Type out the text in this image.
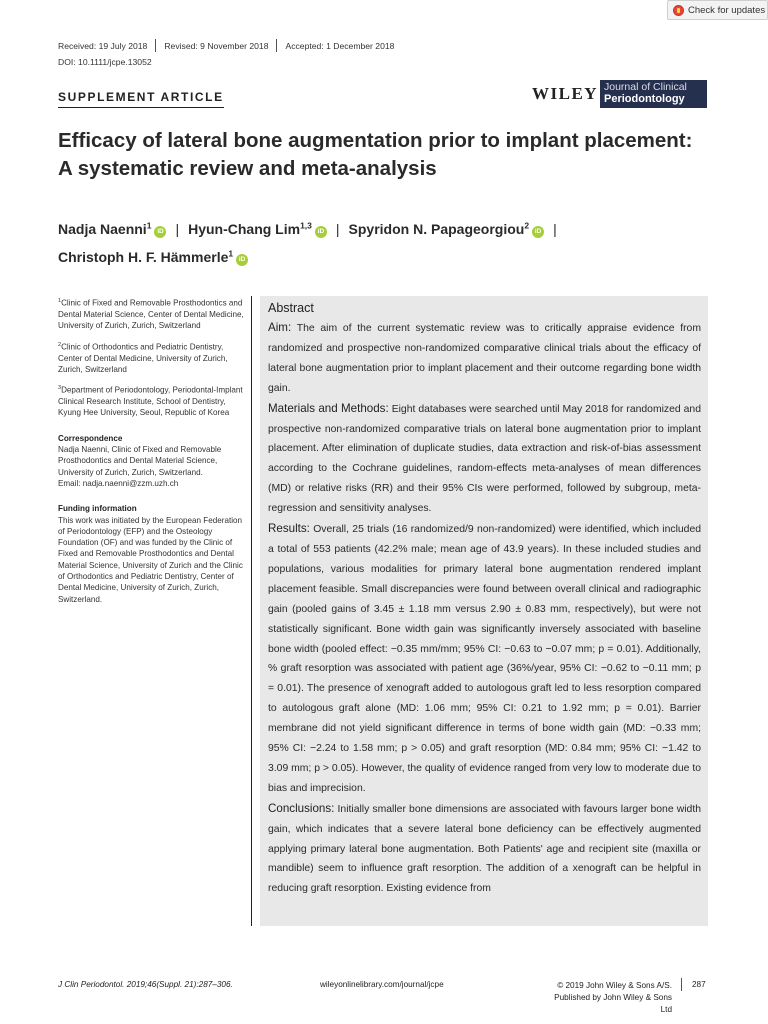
Check for updates
Received: 19 July 2018 Revised: 9 November 2018 Accepted: 1 December 2018
DOI: 10.1111/jcpe.13052
SUPPLEMENT ARTICLE	WILEY Journal of Clinical
Periodontology
Efficacy of lateral bone augmentation prior to implant placement: A systematic review and meta-analysis
Nadja Naenni$^1$iD | Hyun-Chang Lim$^{1,3}$iD | Spyridon N. Papageorgiou$^2$iD |
Christoph H. F. Hämmerle$^1$iD

$^1$Clinic of Fixed and Removable Prosthodontics and Dental Material Science, Center of Dental Medicine, University of Zurich, Zurich, Switzerland

$^2$Clinic of Orthodontics and Pediatric Dentistry, Center of Dental Medicine, University of Zurich, Zurich, Switzerland

$^3$Department of Periodontology, Periodontal-Implant Clinical Research Institute, School of Dentistry, Kyung Hee University, Seoul, Republic of Korea

Correspondence
Nadja Naenni, Clinic of Fixed and Removable Prosthodontics and Dental Material Science, University of Zurich, Zurich, Switzerland.
Email: nadja.naenni@zzm.uzh.ch

Funding information
This work was initiated by the European Federation of Periodontology (EFP) and the Osteology Foundation (OF) and was funded by the Clinic of Fixed and Removable Prosthodontics and Dental Material Science, University of Zurich and the Clinic of Orthodontics and Pediatric Dentistry, Center of Dental Medicine, University of Zurich, Zurich, Switzerland.

Abstract

Aim: The aim of the current systematic review was to critically appraise evidence from randomized and prospective non-randomized comparative clinical trials about the efficacy of lateral bone augmentation prior to implant placement and their outcome regarding bone width gain.

Materials and Methods: Eight databases were searched until May 2018 for randomized and prospective non-randomized comparative trials on lateral bone augmentation prior to implant placement. After elimination of duplicate studies, data extraction and risk-of-bias assessment according to the Cochrane guidelines, random-effects meta-analyses of mean differences (MD) or relative risks (RR) and their 95% CIs were performed, followed by subgroup, meta-regression and sensitivity analyses.

Results: Overall, 25 trials (16 randomized/9 non-randomized) were identified, which included a total of 553 patients (42.2% male; mean age of 43.9 years). In these included studies and populations, various modalities for primary lateral bone augmentation rendered implant placement feasible. Small discrepancies were found between overall clinical and radiographic gain (pooled gains of 3.45 ± 1.18 mm versus 2.90 ± 0.83 mm, respectively), but were not statistically significant. Bone width gain was significantly inversely associated with baseline bone width (pooled effect: −0.35 mm/mm; 95% CI: −0.63 to −0.07 mm; p = 0.01). Additionally, % graft resorption was associated with patient age (36%/year, 95% CI: −0.62 to −0.11 mm; p = 0.01). The presence of xenograft added to autologous graft led to less resorption compared to autologous graft alone (MD: 1.06 mm; 95% CI: 0.21 to 1.92 mm; p = 0.01). Barrier membrane did not yield significant difference in terms of bone width gain (MD: −0.33 mm; 95% CI: −2.24 to 1.58 mm; p > 0.05) and graft resorption (MD: 0.84 mm; 95% CI: −1.42 to 3.09 mm; p > 0.05). However, the quality of evidence ranged from very low to moderate due to bias and imprecision.

Conclusions: Initially smaller bone dimensions are associated with favours larger bone width gain, which indicates that a severe lateral bone deficiency can be effectively augmented applying primary lateral bone augmentation. Both Patients' age and recipient site (maxilla or mandible) seem to influence graft resorption. The addition of a xenograft can be helpful in reducing graft resorption. Existing evidence from

J Clin Periodontol. 2019;46(Suppl. 21):287–306.	wileyonlinelibrary.com/journal/jcpe	© 2019 John Wiley & Sons A/S.
Published by John Wiley & Sons Ltd
287
